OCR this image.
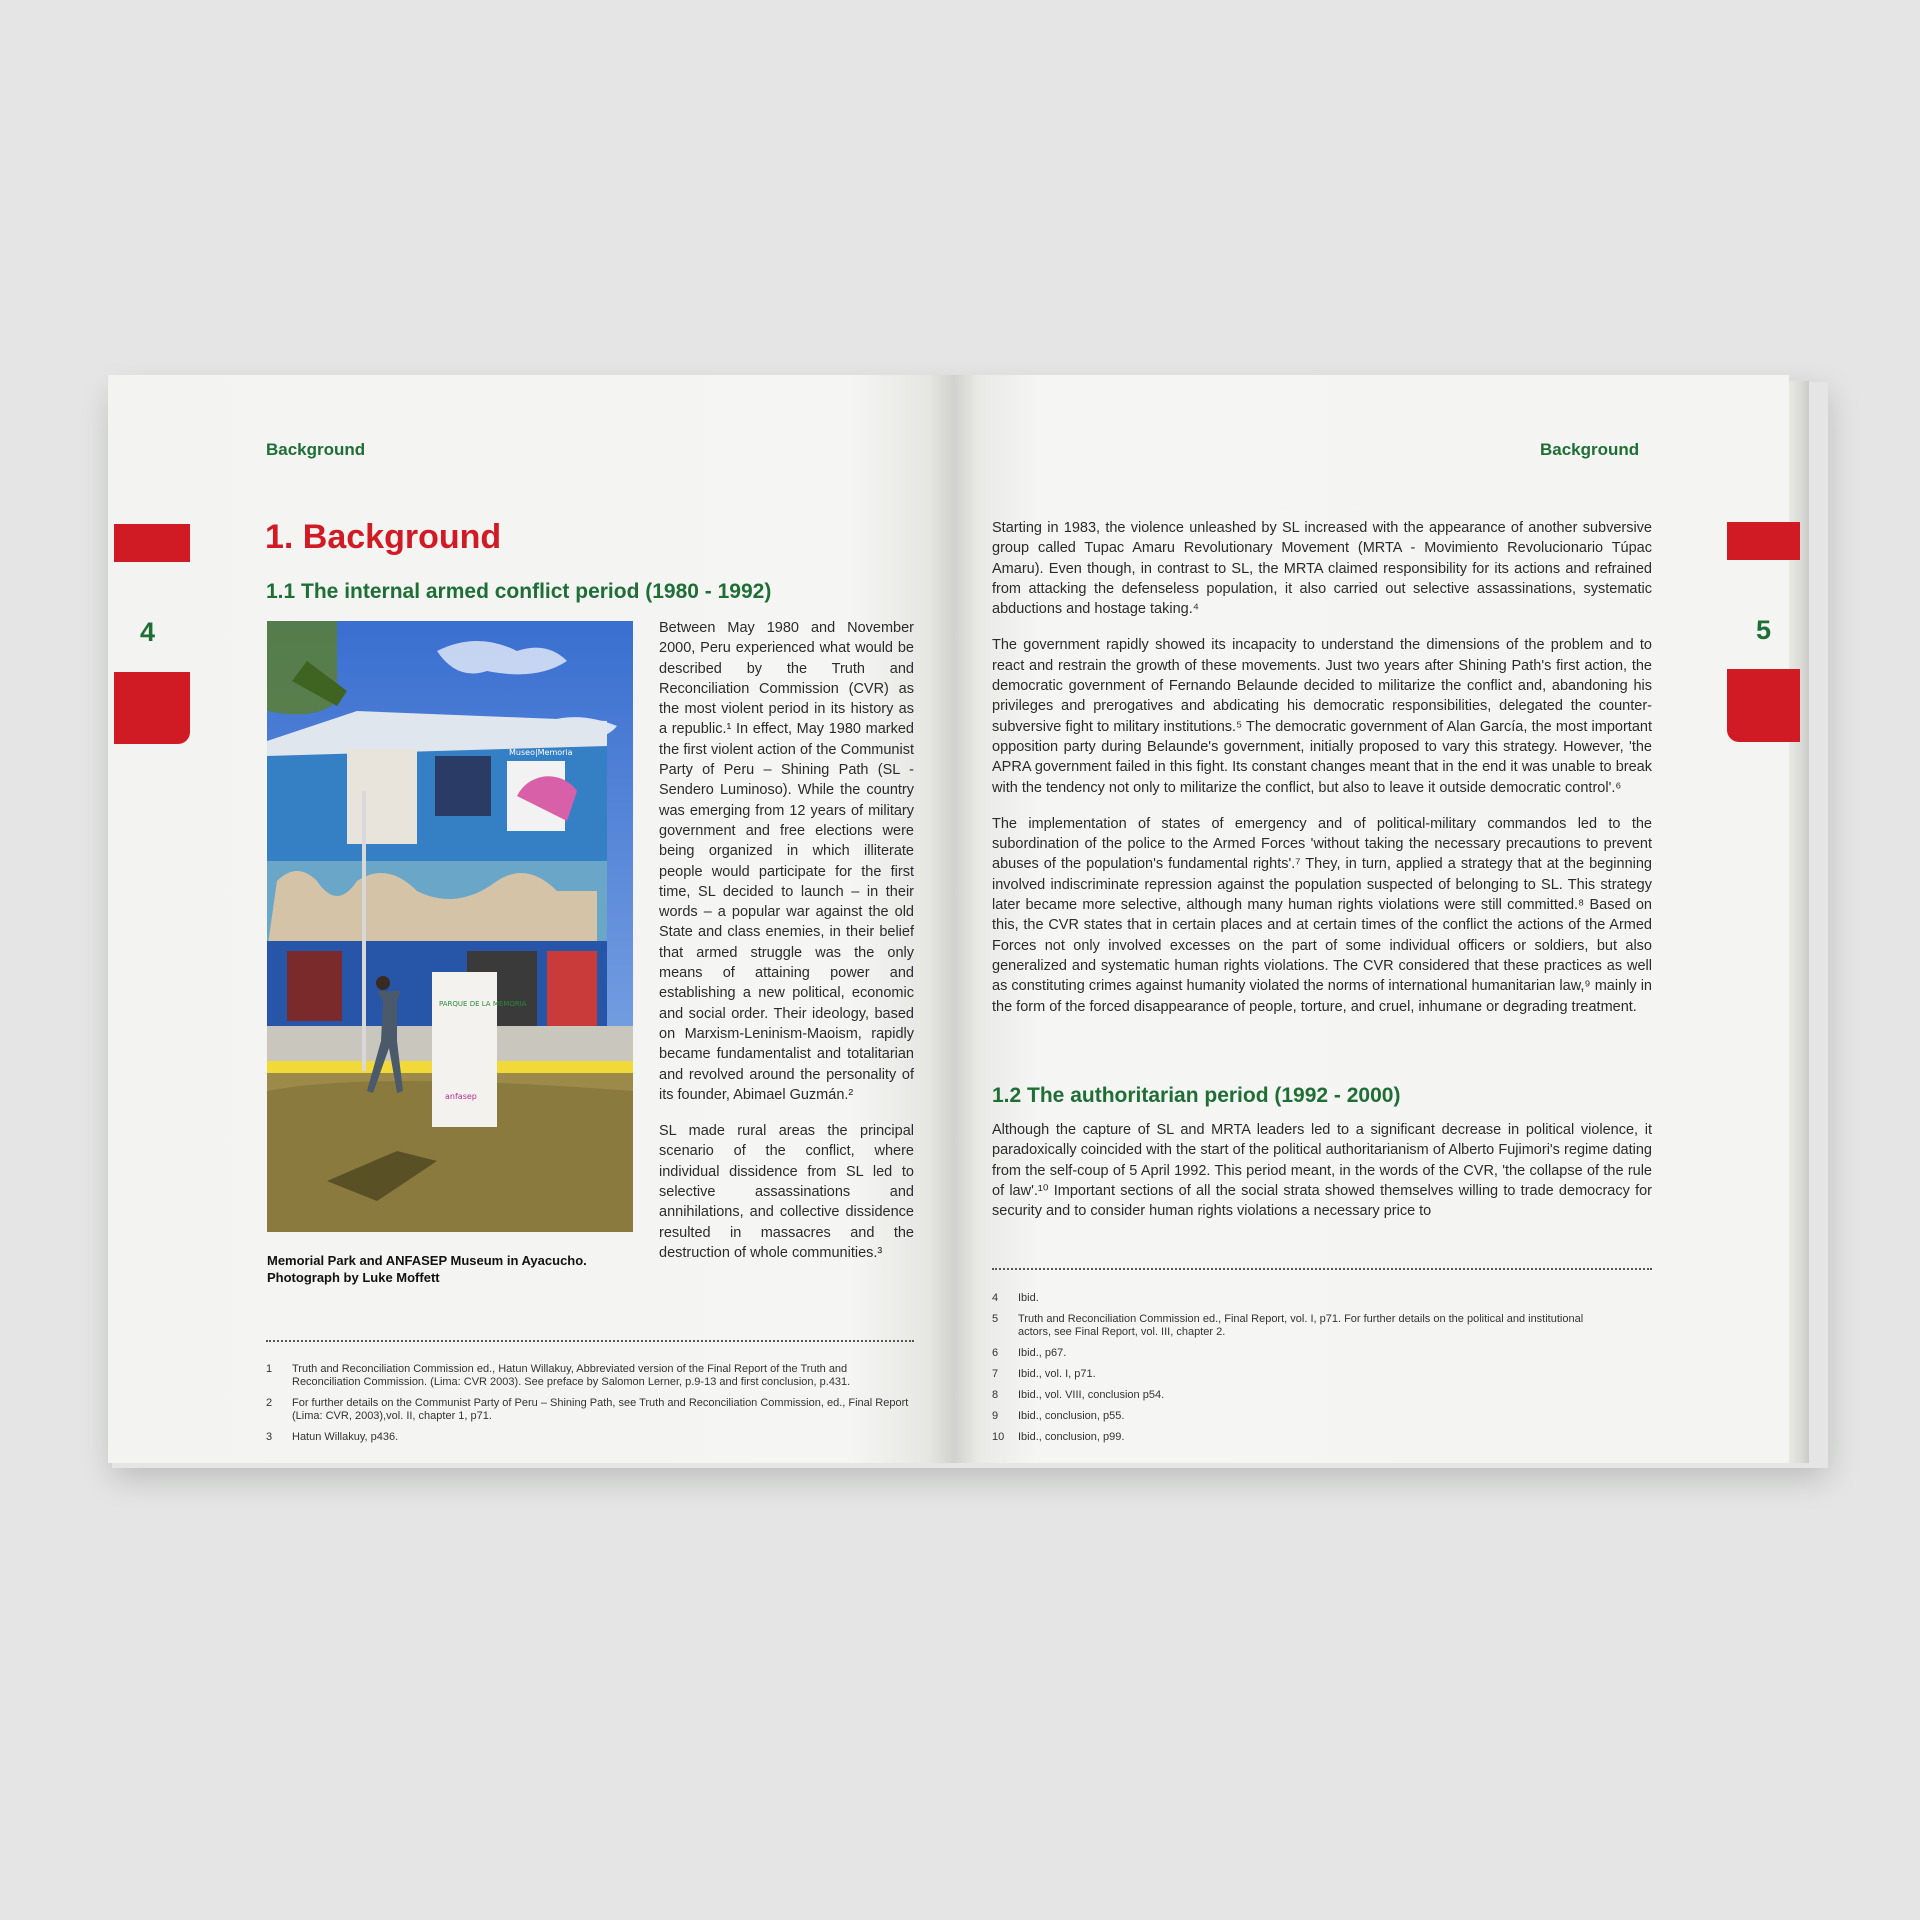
Background
4
1. Background
1.1 The internal armed conflict period (1980 - 1992)
Museo|Memoria
PARQUE DE LA MEMORIA
anfasep
Memorial Park and ANFASEP Museum in Ayacucho. Photograph by Luke Moffett

Between May 1980 and November 2000, Peru experienced what would be described by the Truth and Reconciliation Commission (CVR) as the most violent period in its history as a republic.¹ In effect, May 1980 marked the first violent action of the Communist Party of Peru – Shining Path (SL - Sendero Luminoso). While the country was emerging from 12 years of military government and free elections were being organized in which illiterate people would participate for the first time, SL decided to launch – in their words – a popular war against the old State and class enemies, in their belief that armed struggle was the only means of attaining power and establishing a new political, economic and social order. Their ideology, based on Marxism-Leninism-Maoism, rapidly became fundamentalist and totalitarian and revolved around the personality of its founder, Abimael Guzmán.²

SL made rural areas the principal scenario of the conflict, where individual dissidence from SL led to selective assassinations and annihilations, and collective dissidence resulted in massacres and the destruction of whole communities.³

1	Truth and Reconciliation Commission ed., Hatun Willakuy, Abbreviated version of the Final Report of the Truth and Reconciliation Commission. (Lima: CVR 2003). See preface by Salomon Lerner, p.9-13 and first conclusion, p.431.
2	For further details on the Communist Party of Peru – Shining Path, see Truth and Reconciliation Commission, ed., Final Report (Lima: CVR, 2003),vol. II, chapter 1, p71.
3	Hatun Willakuy, p436.
Background
5

Starting in 1983, the violence unleashed by SL increased with the appearance of another subversive group called Tupac Amaru Revolutionary Movement (MRTA - Movimiento Revolucionario Túpac Amaru). Even though, in contrast to SL, the MRTA claimed responsibility for its actions and refrained from attacking the defenseless population, it also carried out selective assassinations, systematic abductions and hostage taking.⁴

The government rapidly showed its incapacity to understand the dimensions of the problem and to react and restrain the growth of these movements. Just two years after Shining Path's first action, the democratic government of Fernando Belaunde decided to militarize the conflict and, abandoning his privileges and prerogatives and abdicating his democratic responsibilities, delegated the counter-subversive fight to military institutions.⁵ The democratic government of Alan García, the most important opposition party during Belaunde's government, initially proposed to vary this strategy. However, 'the APRA government failed in this fight. Its constant changes meant that in the end it was unable to break with the tendency not only to militarize the conflict, but also to leave it outside democratic control'.⁶

The implementation of states of emergency and of political-military commandos led to the subordination of the police to the Armed Forces 'without taking the necessary precautions to prevent abuses of the population's fundamental rights'.⁷ They, in turn, applied a strategy that at the beginning involved indiscriminate repression against the population suspected of belonging to SL. This strategy later became more selective, although many human rights violations were still committed.⁸ Based on this, the CVR states that in certain places and at certain times of the conflict the actions of the Armed Forces not only involved excesses on the part of some individual officers or soldiers, but also generalized and systematic human rights violations. The CVR considered that these practices as well as constituting crimes against humanity violated the norms of international humanitarian law,⁹ mainly in the form of the forced disappearance of people, torture, and cruel, inhumane or degrading treatment.

1.2 The authoritarian period (1992 - 2000)

Although the capture of SL and MRTA leaders led to a significant decrease in political violence, it paradoxically coincided with the start of the political authoritarianism of Alberto Fujimori's regime dating from the self-coup of 5 April 1992. This period meant, in the words of the CVR, 'the collapse of the rule of law'.¹⁰ Important sections of all the social strata showed themselves willing to trade democracy for security and to consider human rights violations a necessary price to

4	Ibid.
5	Truth and Reconciliation Commission ed., Final Report, vol. I, p71. For further details on the political and institutional actors, see Final Report, vol. III, chapter 2.
6	Ibid., p67.
7	Ibid., vol. I, p71.
8	Ibid., vol. VIII, conclusion p54.
9	Ibid., conclusion, p55.
10	Ibid., conclusion, p99.
